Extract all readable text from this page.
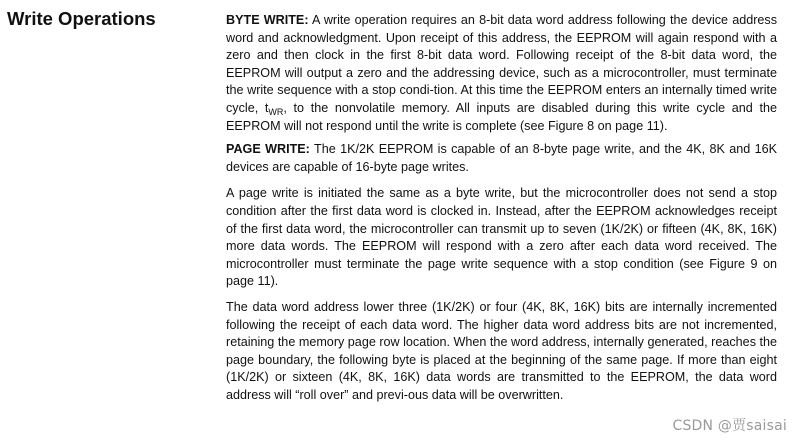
Write Operations	BYTE WRITE: A write operation requires an 8-bit data word address following the device address word and acknowledgment. Upon receipt of this address, the EEPROM will again respond with a zero and then clock in the first 8-bit data word. Following receipt of the 8-bit data word, the EEPROM will output a zero and the addressing device, such as a microcontroller, must terminate the write sequence with a stop condi-tion. At this time the EEPROM enters an internally timed write cycle, $t_{WR}$, to the nonvolatile memory. All inputs are disabled during this write cycle and the EEPROM will not respond until the write is complete (see Figure 8 on page 11).

PAGE WRITE: The 1K/2K EEPROM is capable of an 8-byte page write, and the 4K, 8K and 16K devices are capable of 16-byte page writes.

A page write is initiated the same as a byte write, but the microcontroller does not send a stop condition after the first data word is clocked in. Instead, after the EEPROM acknowledges receipt of the first data word, the microcontroller can transmit up to seven (1K/2K) or fifteen (4K, 8K, 16K) more data words. The EEPROM will respond with a zero after each data word received. The microcontroller must terminate the page write sequence with a stop condition (see Figure 9 on page 11).

The data word address lower three (1K/2K) or four (4K, 8K, 16K) bits are internally incremented following the receipt of each data word. The higher data word address bits are not incremented, retaining the memory page row location. When the word address, internally generated, reaches the page boundary, the following byte is placed at the beginning of the same page. If more than eight (1K/2K) or sixteen (4K, 8K, 16K) data words are transmitted to the EEPROM, the data word address will “roll over” and previ-ous data will be overwritten.

CSDN @贾saisai
